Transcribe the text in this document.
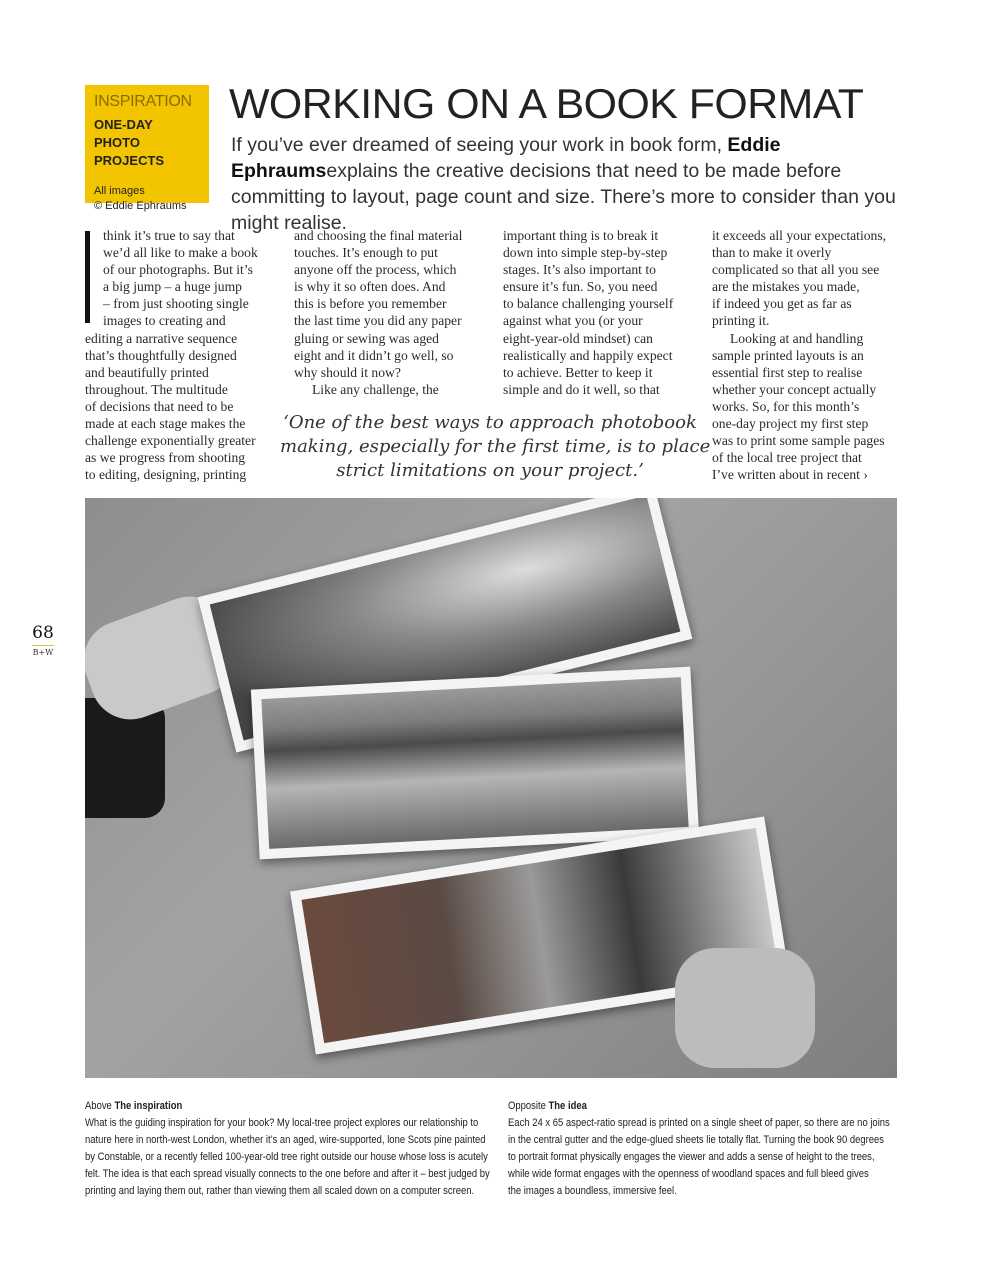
INSPIRATION
ONE-DAY PHOTO PROJECTS
All images
© Eddie Ephraums
WORKING ON A BOOK FORMAT

If you’ve ever dreamed of seeing your work in book form, Eddie Ephraumsexplains the creative decisions that need to be made before committing to layout, page count and size. There’s more to consider than you might realise.

think it’s true to say that
we’d all like to make a book
of our photographs. But it’s
a big jump – a huge jump
– from just shooting single
images to creating and
editing a narrative sequence
that’s thoughtfully designed
and beautifully printed
throughout. The multitude
of decisions that need to be
made at each stage makes the
challenge exponentially greater
as we progress from shooting
to editing, designing, printing
and choosing the final material
touches. It’s enough to put
anyone off the process, which
is why it so often does. And
this is before you remember
the last time you did any paper
gluing or sewing was aged
eight and it didn’t go well, so
why should it now?
Like any challenge, the
important thing is to break it
down into simple step-by-step
stages. It’s also important to
ensure it’s fun. So, you need
to balance challenging yourself
against what you (or your
eight-year-old mindset) can
realistically and happily expect
to achieve. Better to keep it
simple and do it well, so that
it exceeds all your expectations,
than to make it overly
complicated so that all you see
are the mistakes you made,
if indeed you get as far as
printing it.
Looking at and handling
sample printed layouts is an
essential first step to realise
whether your concept actually
works. So, for this month’s
one-day project my first step
was to print some sample pages
of the local tree project that
I’ve written about in recent ›
‘One of the best ways to approach photobook
making, especially for the first time, is to place
strict limitations on your project.’
68
B+W
Above The inspiration
What is the guiding inspiration for your book? My local-tree project explores our relationship to
nature here in north-west London, whether it’s an aged, wire-supported, lone Scots pine painted
by Constable, or a recently felled 100-year-old tree right outside our house whose loss is acutely
felt. The idea is that each spread visually connects to the one before and after it – best judged by
printing and laying them out, rather than viewing them all scaled down on a computer screen.
Opposite The idea
Each 24 x 65 aspect-ratio spread is printed on a single sheet of paper, so there are no joins
in the central gutter and the edge-glued sheets lie totally flat. Turning the book 90 degrees
to portrait format physically engages the viewer and adds a sense of height to the trees,
while wide format engages with the openness of woodland spaces and full bleed gives
the images a boundless, immersive feel.
